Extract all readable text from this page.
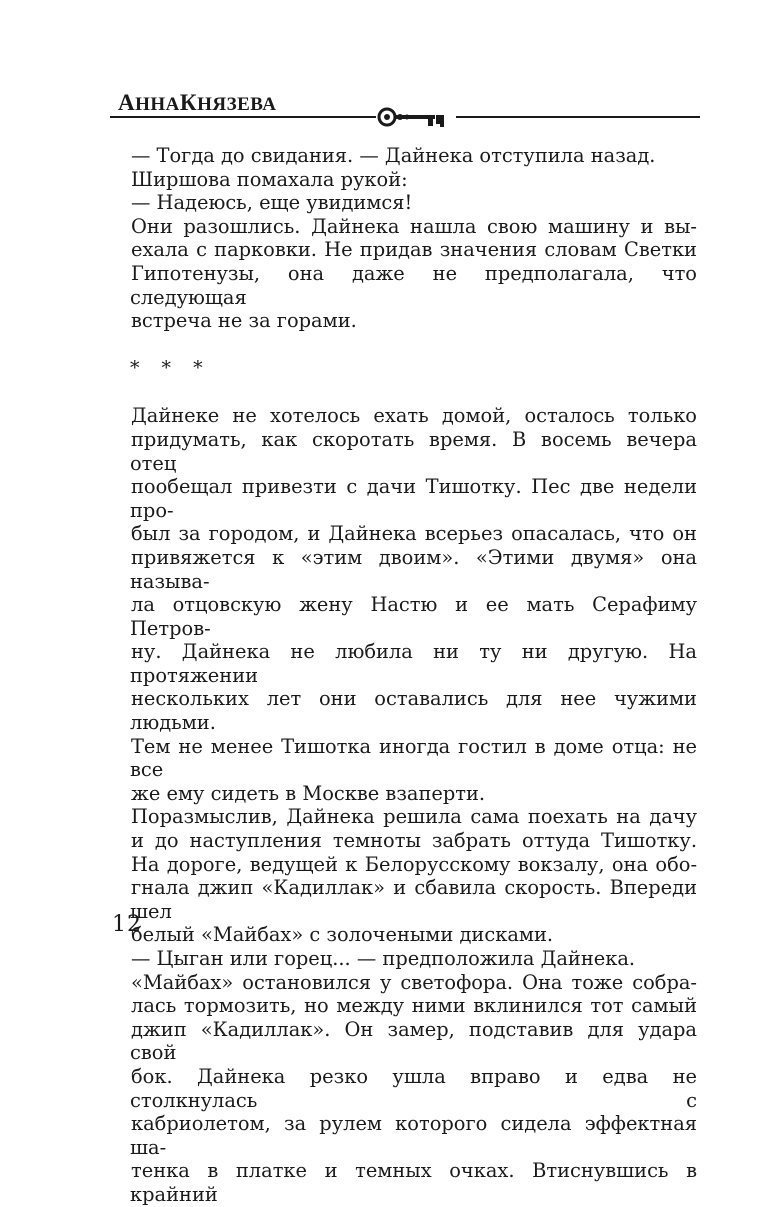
АННАКНЯЗЕВА

— Тогда до свидания. — Дайнека отступила назад.

Ширшова помахала рукой:

— Надеюсь, еще увидимся!

Они разошлись. Дайнека нашла свою машину и вы-
ехала с парковки. Не придав значения словам Светки
Гипотенузы, она даже не предполагала, что следующая
встреча не за горами.

* * *

Дайнеке не хотелось ехать домой, осталось только
придумать, как скоротать время. В восемь вечера отец
пообещал привезти с дачи Тишотку. Пес две недели про-
был за городом, и Дайнека всерьез опасалась, что он
привяжется к «этим двоим». «Этими двумя» она называ-
ла отцовскую жену Настю и ее мать Серафиму Петров-
ну. Дайнека не любила ни ту ни другую. На протяжении
нескольких лет они оставались для нее чужими людьми.
Тем не менее Тишотка иногда гостил в доме отца: не все
же ему сидеть в Москве взаперти.

Поразмыслив, Дайнека решила сама поехать на дачу
и до наступления темноты забрать оттуда Тишотку.
На дороге, ведущей к Белорусскому вокзалу, она обо-
гнала джип «Кадиллак» и сбавила скорость. Впереди шел
белый «Майбах» с золочеными дисками.

— Цыган или горец... — предположила Дайнека.

«Майбах» остановился у светофора. Она тоже собра-
лась тормозить, но между ними вклинился тот самый
джип «Кадиллак». Он замер, подставив для удара свой
бок. Дайнека резко ушла вправо и едва не столкнулась с
кабриолетом, за рулем которого сидела эффектная ша-
тенка в платке и темных очках. Втиснувшись в крайний

12
